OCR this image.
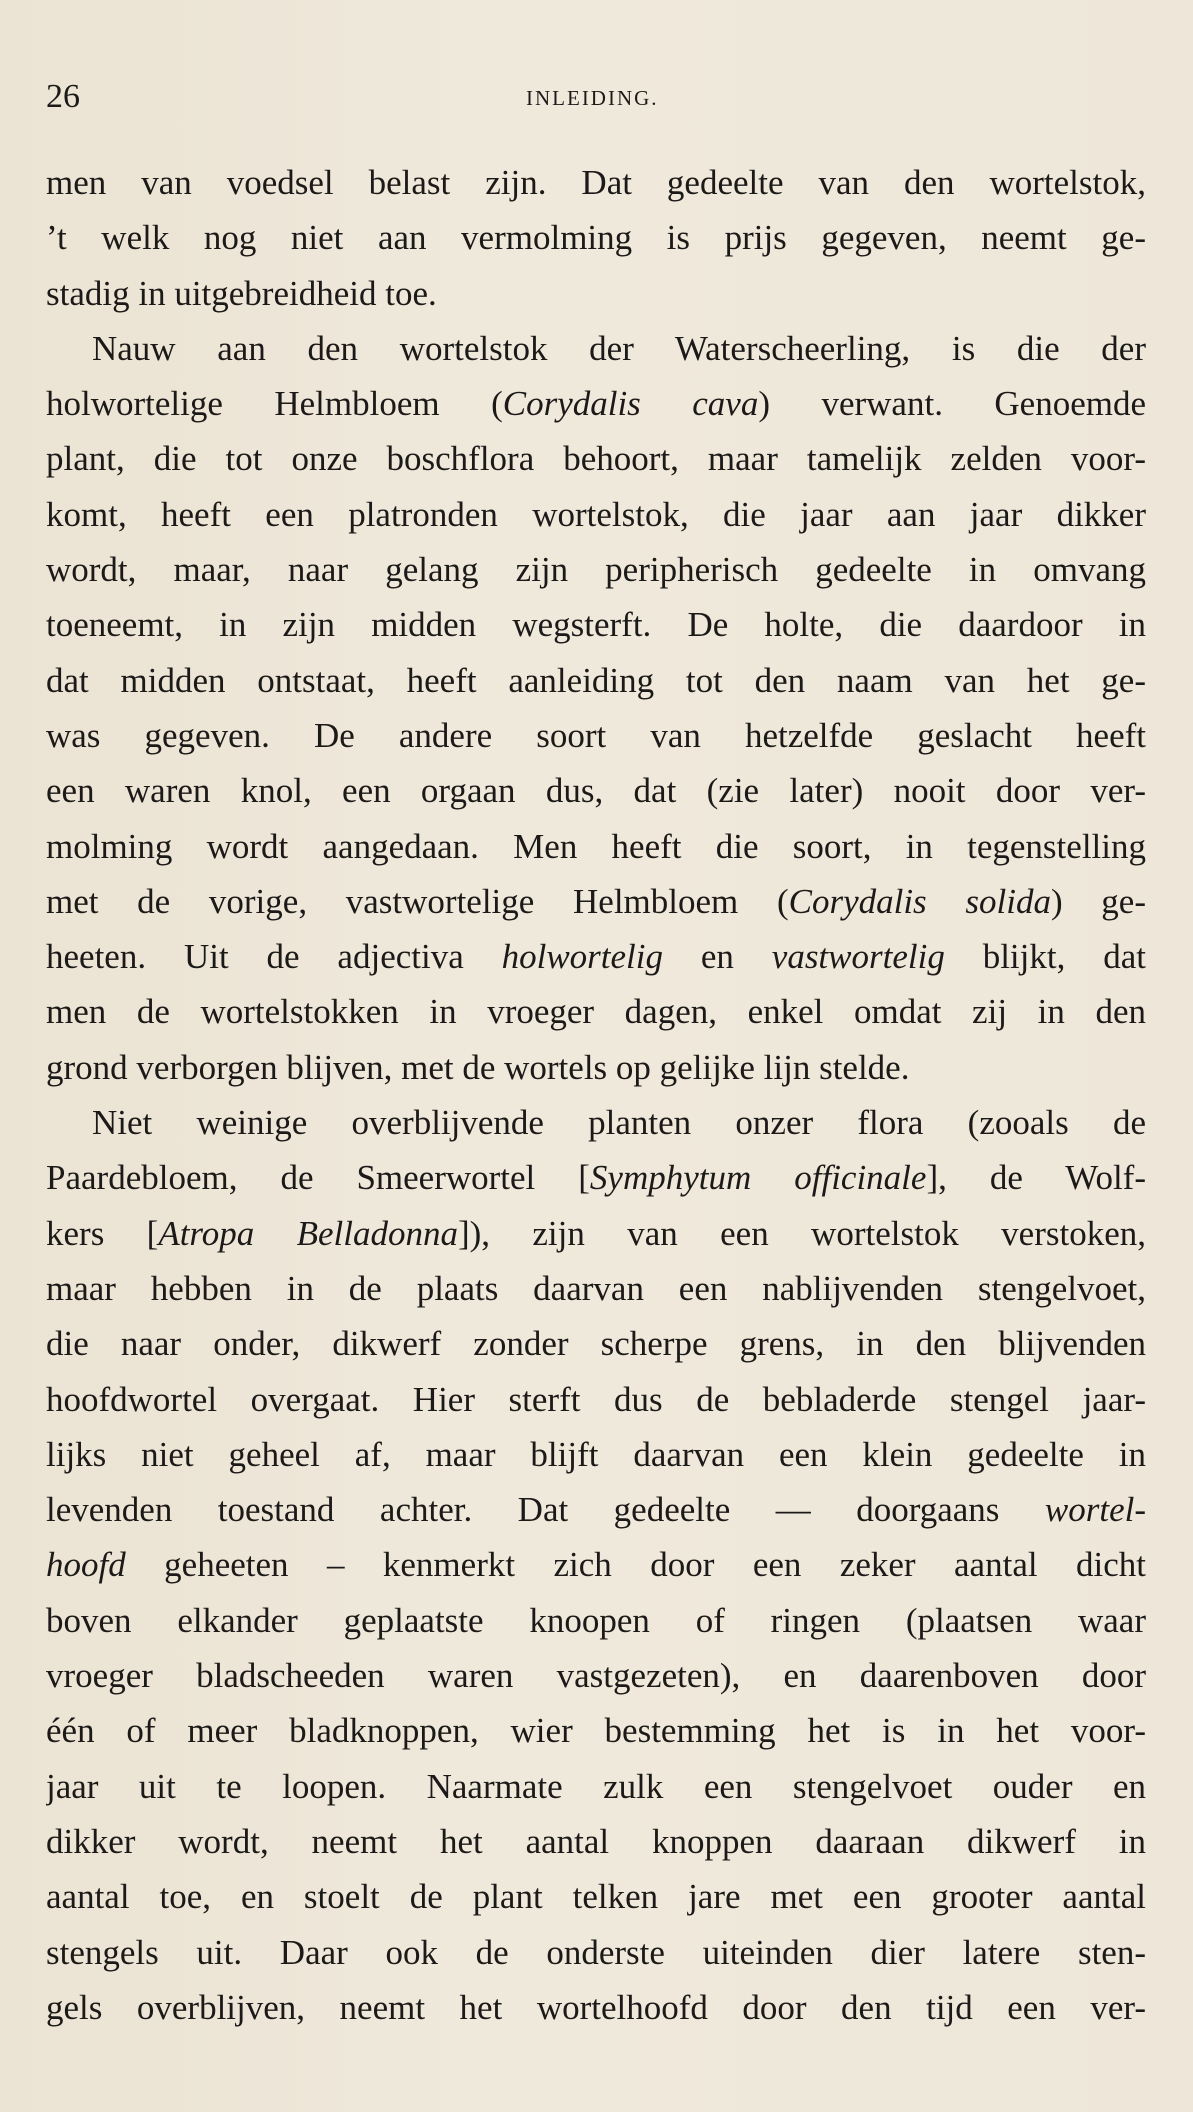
26	INLEIDING.
men van voedsel belast zijn. Dat gedeelte van den wortelstok,
’t welk nog niet aan vermolming is prijs gegeven, neemt ge-
stadig in uitgebreidheid toe.
Nauw aan den wortelstok der Waterscheerling, is die der
holwortelige Helmbloem (Corydalis cava) verwant. Genoemde
plant, die tot onze boschflora behoort, maar tamelijk zelden voor-
komt, heeft een platronden wortelstok, die jaar aan jaar dikker
wordt, maar, naar gelang zijn peripherisch gedeelte in omvang
toeneemt, in zijn midden wegsterft. De holte, die daardoor in
dat midden ontstaat, heeft aanleiding tot den naam van het ge-
was gegeven. De andere soort van hetzelfde geslacht heeft
een waren knol, een orgaan dus, dat (zie later) nooit door ver-
molming wordt aangedaan. Men heeft die soort, in tegenstelling
met de vorige, vastwortelige Helmbloem (Corydalis solida) ge-
heeten. Uit de adjectiva holwortelig en vastwortelig blijkt, dat
men de wortelstokken in vroeger dagen, enkel omdat zij in den
grond verborgen blijven, met de wortels op gelijke lijn stelde.
Niet weinige overblijvende planten onzer flora (zooals de
Paardebloem, de Smeerwortel [Symphytum officinale], de Wolf-
kers [Atropa Belladonna]), zijn van een wortelstok verstoken,
maar hebben in de plaats daarvan een nablijvenden stengelvoet,
die naar onder, dikwerf zonder scherpe grens, in den blijvenden
hoofdwortel overgaat. Hier sterft dus de bebladerde stengel jaar-
lijks niet geheel af, maar blijft daarvan een klein gedeelte in
levenden toestand achter. Dat gedeelte — doorgaans wortel-
hoofd geheeten – kenmerkt zich door een zeker aantal dicht
boven elkander geplaatste knoopen of ringen (plaatsen waar
vroeger bladscheeden waren vastgezeten), en daarenboven door
één of meer bladknoppen, wier bestemming het is in het voor-
jaar uit te loopen. Naarmate zulk een stengelvoet ouder en
dikker wordt, neemt het aantal knoppen daaraan dikwerf in
aantal toe, en stoelt de plant telken jare met een grooter aantal
stengels uit. Daar ook de onderste uiteinden dier latere sten-
gels overblijven, neemt het wortelhoofd door den tijd een ver-
